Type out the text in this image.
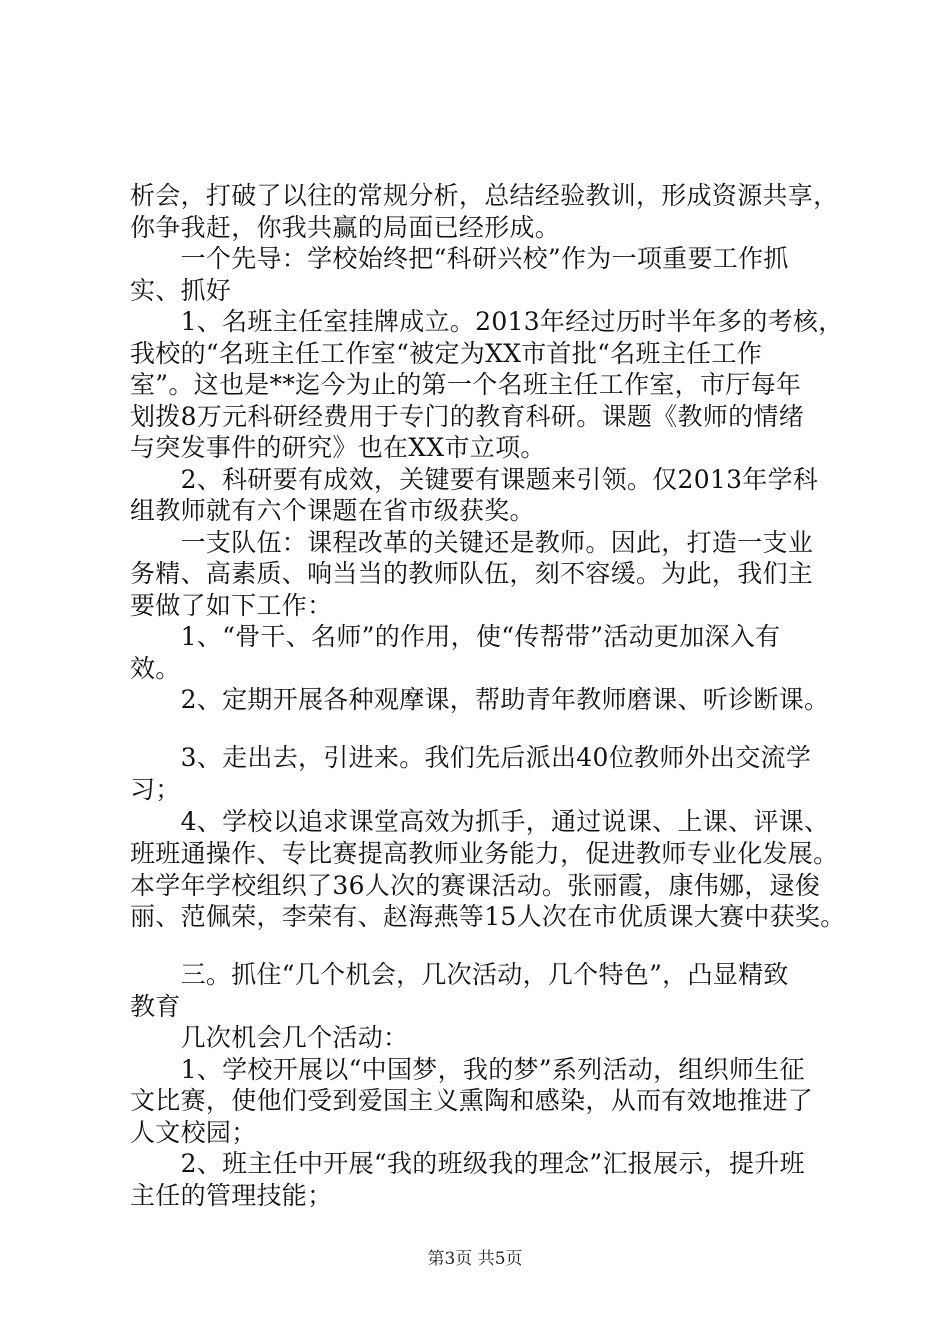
析会，打破了以往的常规分析，总结经验教训，形成资源共享，
你争我赶，你我共赢的局面已经形成。
　　一个先导：学校始终把“科研兴校”作为一项重要工作抓
实、抓好
　　1、名班主任室挂牌成立。2013年经过历时半年多的考核，
我校的“名班主任工作室“被定为XX市首批“名班主任工作
室”。这也是**迄今为止的第一个名班主任工作室，市厅每年
划拨8万元科研经费用于专门的教育科研。课题《教师的情绪
与突发事件的研究》也在XX市立项。
　　2、科研要有成效，关键要有课题来引领。仅2013年学科
组教师就有六个课题在省市级获奖。
　　一支队伍：课程改革的关键还是教师。因此，打造一支业
务精、高素质、响当当的教师队伍，刻不容缓。为此，我们主
要做了如下工作：
　　1、“骨干、名师”的作用，使“传帮带”活动更加深入有
效。
　　2、定期开展各种观摩课，帮助青年教师磨课、听诊断课。
　　3、走出去，引进来。我们先后派出40位教师外出交流学
习；
　　4、学校以追求课堂高效为抓手，通过说课、上课、评课、
班班通操作、专比赛提高教师业务能力，促进教师专业化发展。
本学年学校组织了36人次的赛课活动。张丽霞，康伟娜，逯俊
丽、范佩荣，李荣有、赵海燕等15人次在市优质课大赛中获奖。
　　三。抓住“几个机会，几次活动，几个特色”，凸显精致
教育
　　几次机会几个活动：
　　1、学校开展以“中国梦，我的梦”系列活动，组织师生征
文比赛，使他们受到爱国主义熏陶和感染，从而有效地推进了
人文校园；
　　2、班主任中开展“我的班级我的理念”汇报展示，提升班
主任的管理技能；
第3页 共5页
